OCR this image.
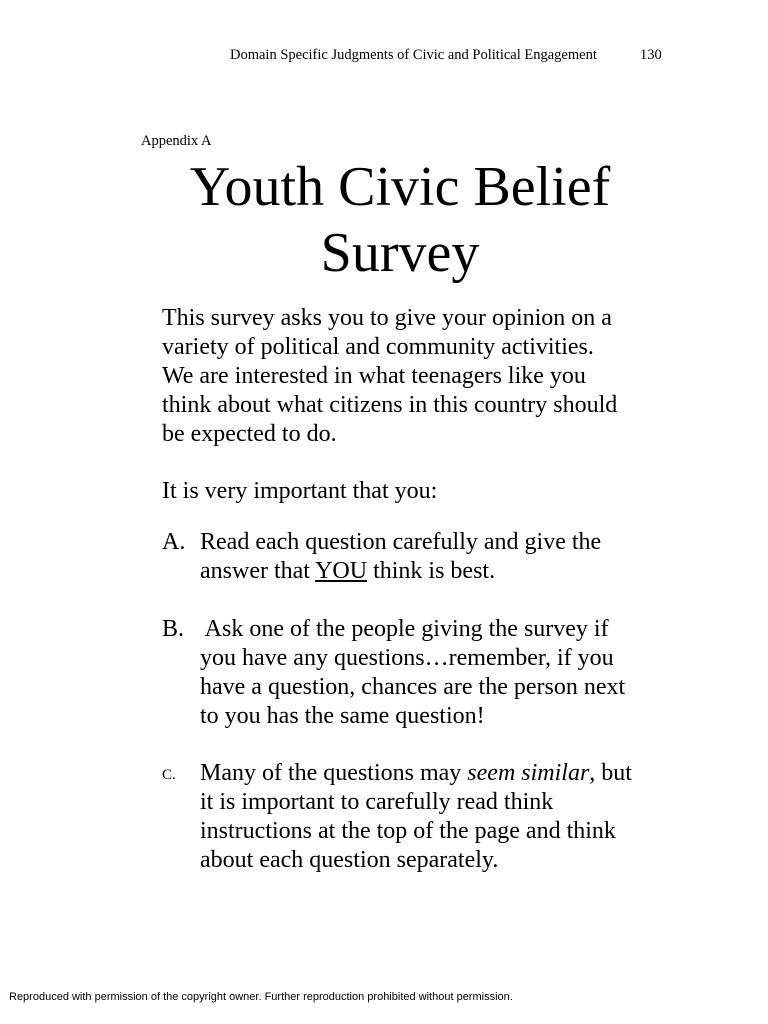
Domain Specific Judgments of Civic and Political Engagement	130
Appendix A
Youth Civic Belief
Survey

This survey asks you to give your opinion on a
variety of political and community activities.
We are interested in what teenagers like you
think about what citizens in this country should
be expected to do.

It is very important that you:

A. Read each question carefully and give the
answer that YOU think is best.
B. Ask one of the people giving the survey if
you have any questions…remember, if you
have a question, chances are the person next
to you has the same question!
C. Many of the questions may seem similar, but
it is important to carefully read think
instructions at the top of the page and think
about each question separately.
Reproduced with permission of the copyright owner. Further reproduction prohibited without permission.
